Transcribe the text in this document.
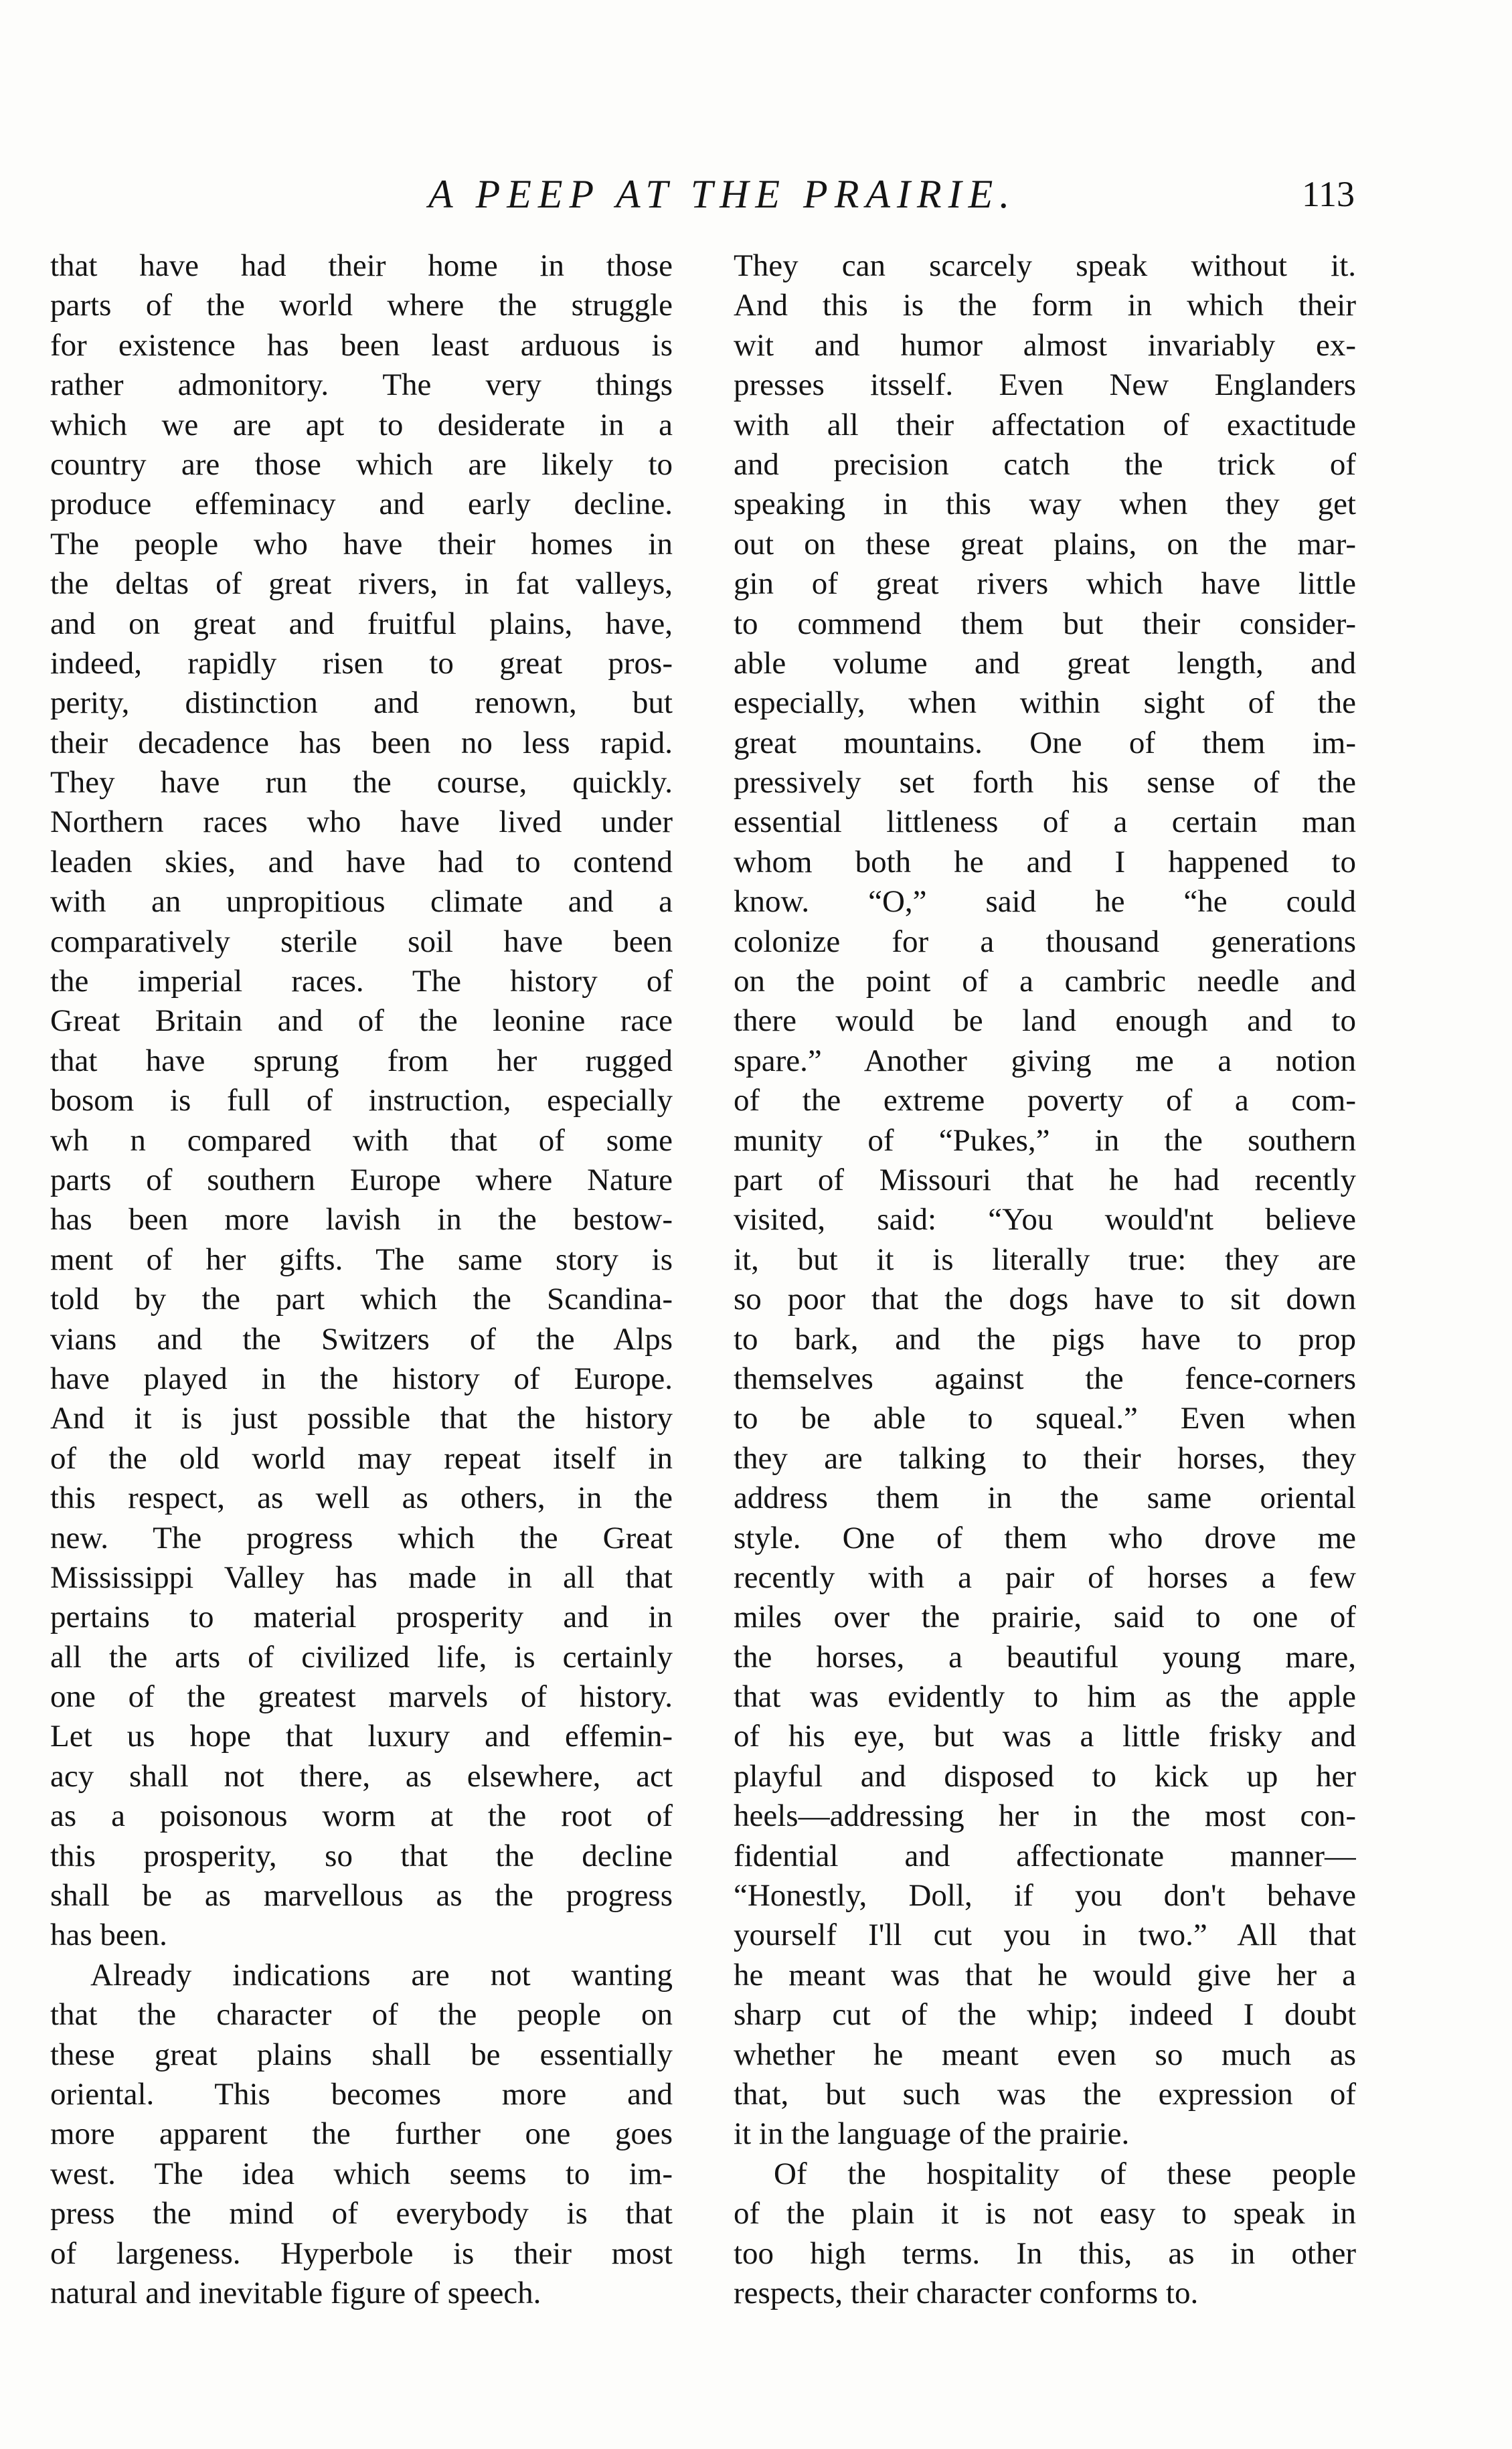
A PEEP AT THE PRAIRIE.	113
that have had their home in those
parts of the world where the struggle
for existence has been least arduous is
rather admonitory. The very things
which we are apt to desiderate in a
country are those which are likely to
produce effeminacy and early decline.
The people who have their homes in
the deltas of great rivers, in fat valleys,
and on great and fruitful plains, have,
indeed, rapidly risen to great pros-
perity, distinction and renown, but
their decadence has been no less rapid.
They have run the course, quickly.
Northern races who have lived under
leaden skies, and have had to contend
with an unpropitious climate and a
comparatively sterile soil have been
the imperial races. The history of
Great Britain and of the leonine race
that have sprung from her rugged
bosom is full of instruction, especially
wh n compared with that of some
parts of southern Europe where Nature
has been more lavish in the bestow-
ment of her gifts. The same story is
told by the part which the Scandina-
vians and the Switzers of the Alps
have played in the history of Europe.
And it is just possible that the history
of the old world may repeat itself in
this respect, as well as others, in the
new. The progress which the Great
Mississippi Valley has made in all that
pertains to material prosperity and in
all the arts of civilized life, is certainly
one of the greatest marvels of history.
Let us hope that luxury and effemin-
acy shall not there, as elsewhere, act
as a poisonous worm at the root of
this prosperity, so that the decline
shall be as marvellous as the progress
has been.
Already indications are not wanting
that the character of the people on
these great plains shall be essentially
oriental. This becomes more and
more apparent the further one goes
west. The idea which seems to im-
press the mind of everybody is that
of largeness. Hyperbole is their most
natural and inevitable figure of speech.
They can scarcely speak without it.
And this is the form in which their
wit and humor almost invariably ex-
presses itsself. Even New Englanders
with all their affectation of exactitude
and precision catch the trick of
speaking in this way when they get
out on these great plains, on the mar-
gin of great rivers which have little
to commend them but their consider-
able volume and great length, and
especially, when within sight of the
great mountains. One of them im-
pressively set forth his sense of the
essential littleness of a certain man
whom both he and I happened to
know. “O,” said he “he could
colonize for a thousand generations
on the point of a cambric needle and
there would be land enough and to
spare.” Another giving me a notion
of the extreme poverty of a com-
munity of “Pukes,” in the southern
part of Missouri that he had recently
visited, said: “You would'nt believe
it, but it is literally true: they are
so poor that the dogs have to sit down
to bark, and the pigs have to prop
themselves against the fence-corners
to be able to squeal.” Even when
they are talking to their horses, they
address them in the same oriental
style. One of them who drove me
recently with a pair of horses a few
miles over the prairie, said to one of
the horses, a beautiful young mare,
that was evidently to him as the apple
of his eye, but was a little frisky and
playful and disposed to kick up her
heels—addressing her in the most con-
fidential and affectionate manner—
“Honestly, Doll, if you don't behave
yourself I'll cut you in two.” All that
he meant was that he would give her a
sharp cut of the whip; indeed I doubt
whether he meant even so much as
that, but such was the expression of
it in the language of the prairie.
Of the hospitality of these people
of the plain it is not easy to speak in
too high terms. In this, as in other
respects, their character conforms to.
